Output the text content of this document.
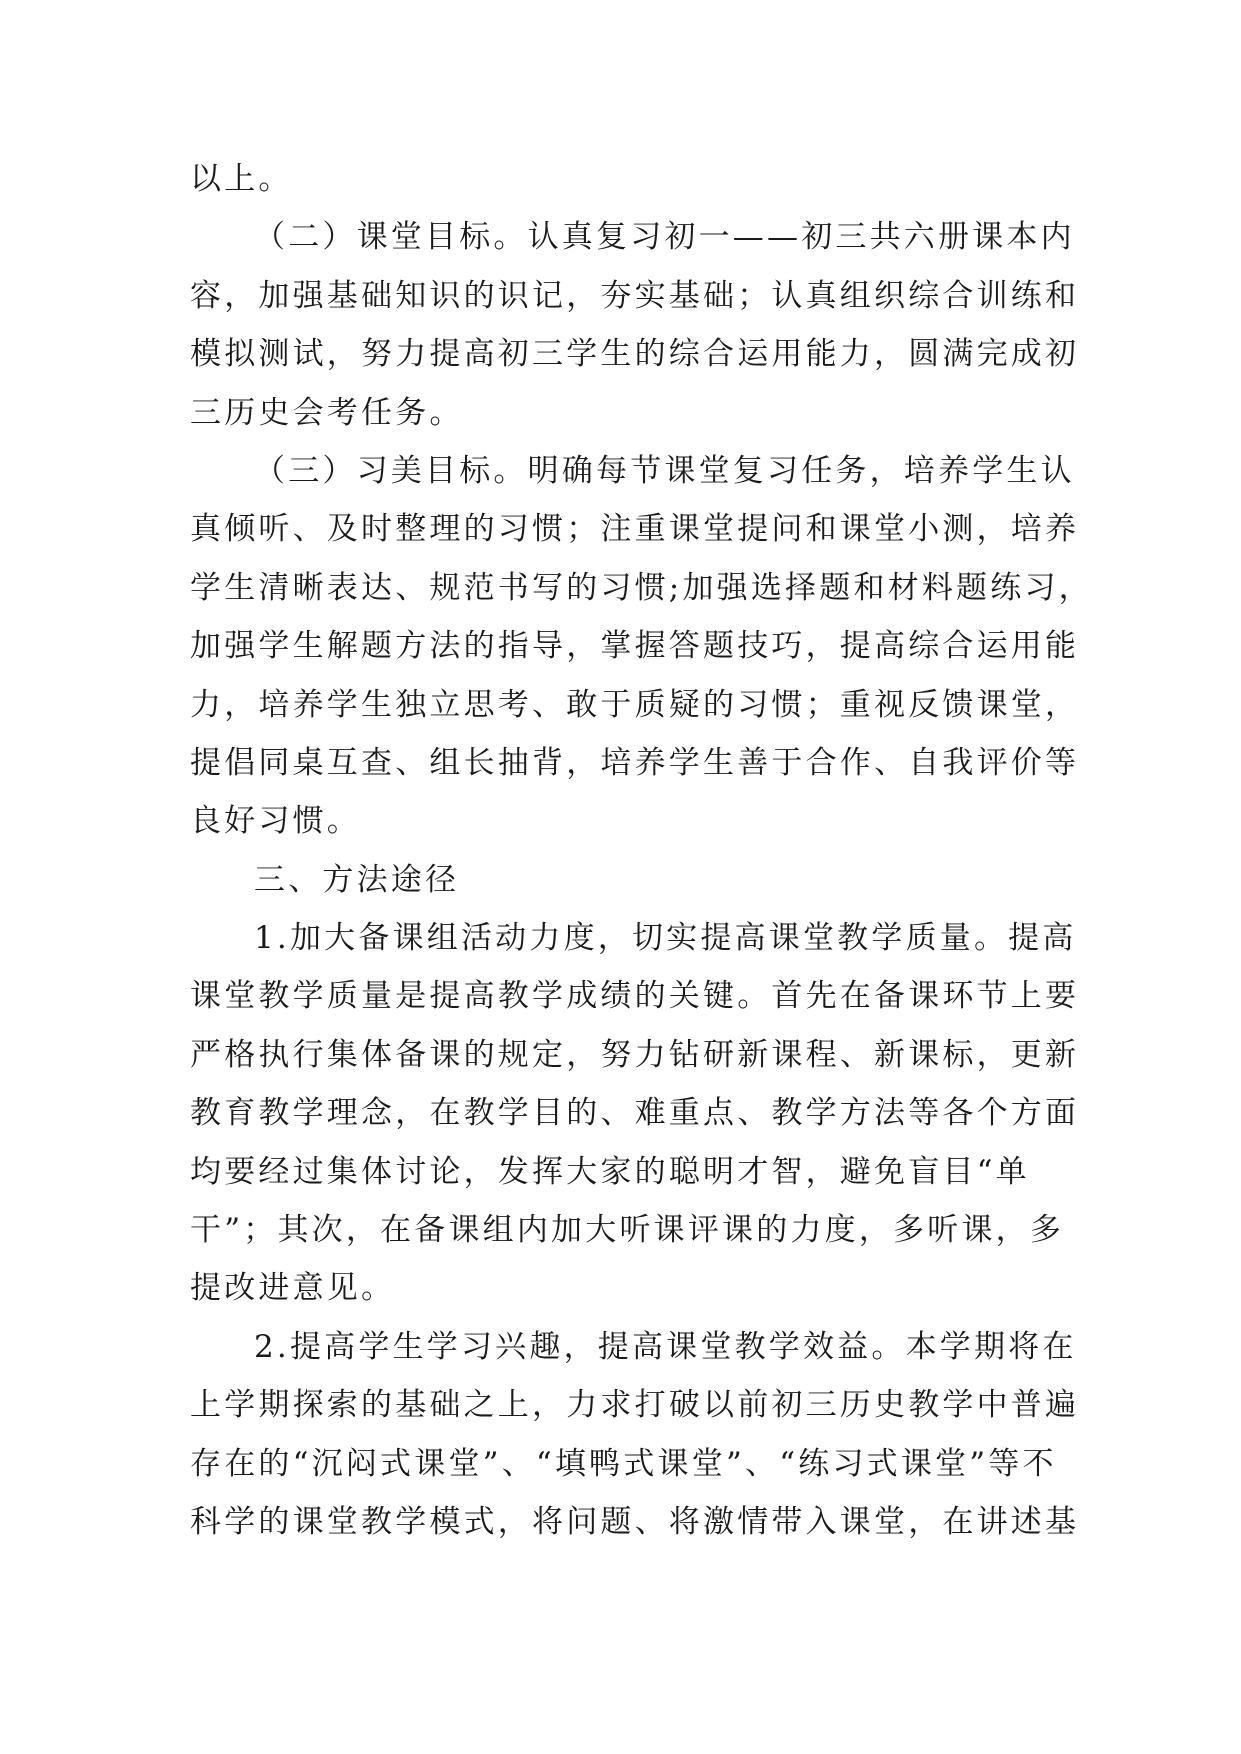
以上。
（二）课堂目标。认真复习初一——初三共六册课本内
容，加强基础知识的识记，夯实基础；认真组织综合训练和
模拟测试，努力提高初三学生的综合运用能力，圆满完成初
三历史会考任务。
（三）习美目标。明确每节课堂复习任务，培养学生认
真倾听、及时整理的习惯；注重课堂提问和课堂小测，培养
学生清晰表达、规范书写的习惯;加强选择题和材料题练习，
加强学生解题方法的指导，掌握答题技巧，提高综合运用能
力，培养学生独立思考、敢于质疑的习惯；重视反馈课堂，
提倡同桌互查、组长抽背，培养学生善于合作、自我评价等
良好习惯。
三、方法途径
1.加大备课组活动力度，切实提高课堂教学质量。提高
课堂教学质量是提高教学成绩的关键。首先在备课环节上要
严格执行集体备课的规定，努力钻研新课程、新课标，更新
教育教学理念，在教学目的、难重点、教学方法等各个方面
均要经过集体讨论，发挥大家的聪明才智，避免盲目“单
干”；其次，在备课组内加大听课评课的力度，多听课，多
提改进意见。
2.提高学生学习兴趣，提高课堂教学效益。本学期将在
上学期探索的基础之上，力求打破以前初三历史教学中普遍
存在的“沉闷式课堂”、“填鸭式课堂”、“练习式课堂”等不
科学的课堂教学模式，将问题、将激情带入课堂，在讲述基
